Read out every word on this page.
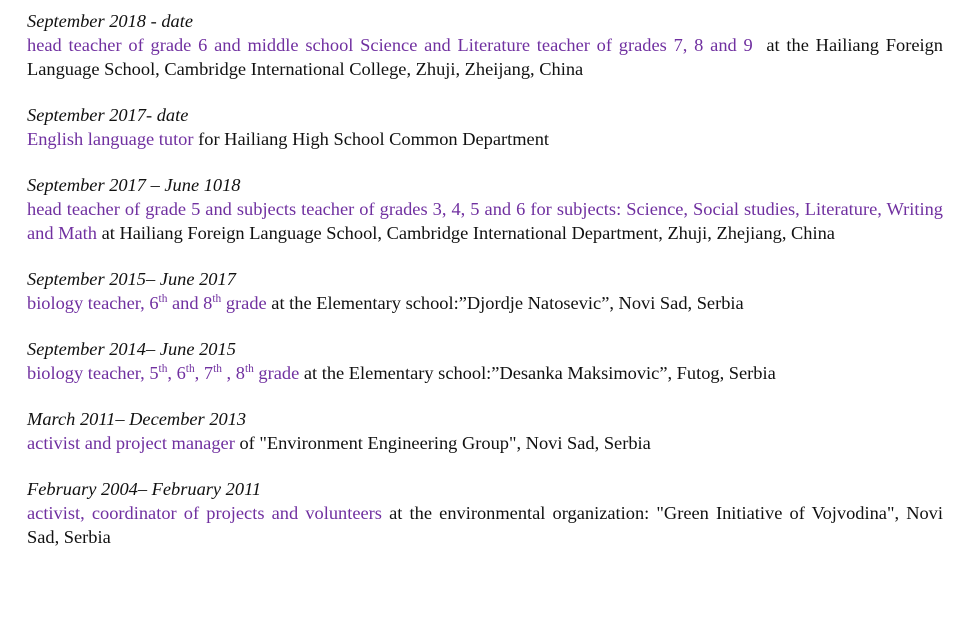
September 2018 - date
head teacher of grade 6 and middle school Science and Literature teacher of grades 7, 8 and 9 at the Hailiang Foreign Language School, Cambridge International College, Zhuji, Zheijang, China
September 2017- date
English language tutor for Hailiang High School Common Department
September 2017 – June 1018
head teacher of grade 5 and subjects teacher of grades 3, 4, 5 and 6 for subjects: Science, Social studies, Literature, Writing and Math at Hailiang Foreign Language School, Cambridge International Department, Zhuji, Zhejiang, China
September 2015– June 2017
biology teacher, 6th and 8th grade at the Elementary school:”Djordje Natosevic”, Novi Sad, Serbia
September 2014– June 2015
biology teacher, 5th, 6th, 7th , 8th grade at the Elementary school:”Desanka Maksimovic”, Futog, Serbia
March 2011– December 2013
activist and project manager of "Environment Engineering Group", Novi Sad, Serbia
February 2004– February 2011
activist, coordinator of projects and volunteers at the environmental organization: "Green Initiative of Vojvodina", Novi Sad, Serbia
